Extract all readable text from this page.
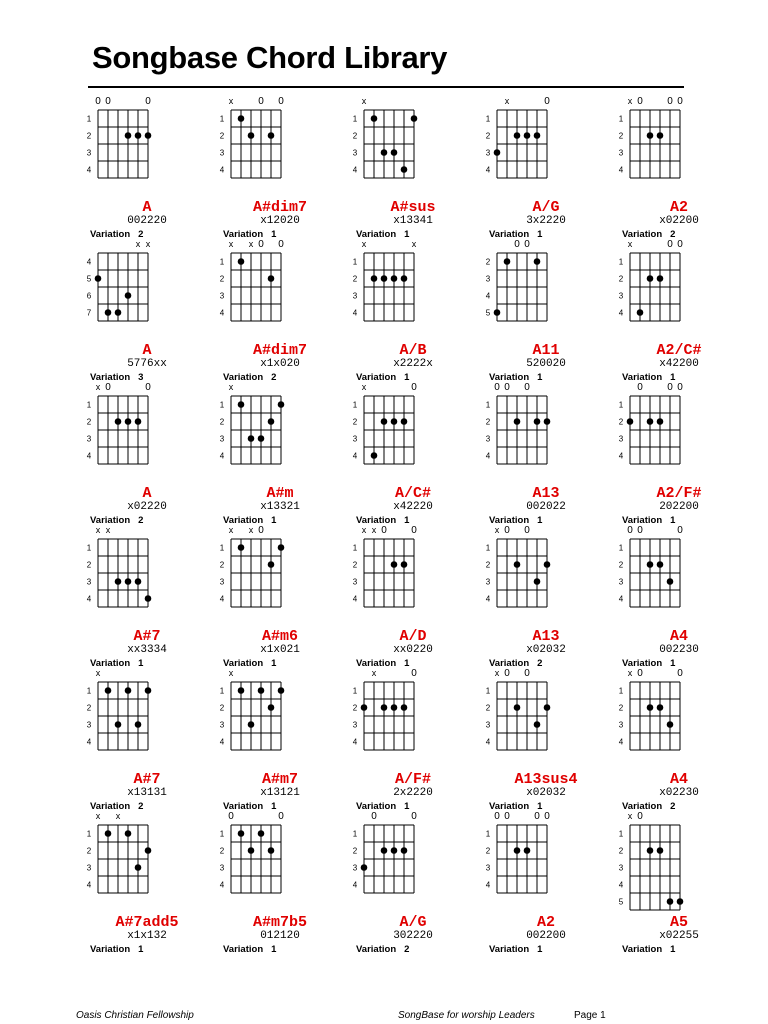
Songbase Chord Library
1
2
3
4
0 0	0
A
002220
Variation 2
1
2
3
4
x 0 0
A#dim7
x12020
Variation 1
1
2
3
4
x
A#sus
x13341
Variation 1
1
2
3
4
x	0
A/G
3x2220
Variation 1
1
2
3
4
x 0 0 0
A2
x02200
Variation 2
4
5
6
7
x x
A
5776xx
Variation 3
1
2
3
4
x x 0 0
A#dim7
x1x020
Variation 2
1
2
3
4
x	x
A/B
x2222x
Variation 1
2
3
4
5
0 0
A11
520020
Variation 1
1
2
3
4
x	0 0
A2/C#
x42200
Variation 1
1
2
3
4
x 0	0
A
x02220
Variation 2
1
2
3
4
x
A#m
x13321
Variation 1
1
2
3
4
x	0
A/C#
x42220
Variation 1
1
2
3
4
0 0 0
A13
002022
Variation 1
1
2
3
4
0 0 0
A2/F#
202200
Variation 1
1
2
3
4
x x
A#7
xx3334
Variation 1
1
2
3
4
x x 0
A#m6
x1x021
Variation 1
1
2
3
4
x x 0 0
A/D
xx0220
Variation 1
1
2
3
4
x 0 0
A13
x02032
Variation 2
1
2
3
4
0 0	0
A4
002230
Variation 1
1
2
3
4
x
A#7
x13131
Variation 2
1
2
3
4
x
A#m7
x13121
Variation 1
1
2
3
4
x	0
A/F#
2x2220
Variation 1
1
2
3
4
x 0 0
A13sus4
x02032
Variation 1
1
2
3
4
x 0	0
A4
x02230
Variation 2
1
2
3
4
x x
A#7add5
x1x132
Variation 1
1
2
3
4
0	0
A#m7b5
012120
Variation 1
1
2
3
4
0	0
A/G
302220
Variation 2
1
2
3
4
0 0 0 0
A2
002200
Variation 1
1
2
3
4
5
x 0
A5
x02255
Variation 1
Oasis Christian Fellowship	SongBase for worship Leaders	Page 1
